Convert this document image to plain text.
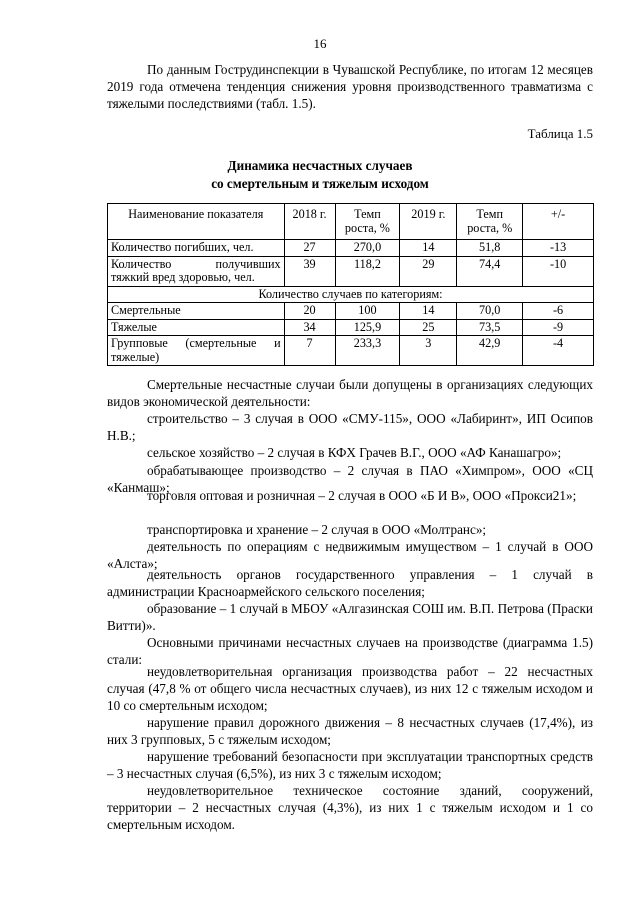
16
По данным Гострудинспекции в Чувашской Республике, по итогам 12 месяцев 2019 года отмечена тенденция снижения уровня производственного травматизма с тяжелыми последствиями (табл. 1.5).
Таблица 1.5
Динамика несчастных случаев
со смертельным и тяжелым исходом
Наименование показателя	2018 г.	Темп роста, %	2019 г.	Темп роста, %	+/-
Количество погибших, чел.	27	270,0	14	51,8	-13
Количество получивших тяжкий вред здоровью, чел.	39	118,2	29	74,4	-10
Количество случаев по категориям:					
Смертельные	20	100	14	70,0	-6
Тяжелые	34	125,9	25	73,5	-9
Групповые (смертельные и тяжелые)	7	233,3	3	42,9	-4
Смертельные несчастные случаи были допущены в организациях следующих видов экономической деятельности:
строительство – 3 случая в ООО «СМУ-115», ООО «Лабиринт», ИП Осипов Н.В.;
сельское хозяйство – 2 случая в КФХ Грачев В.Г., ООО «АФ Канашагро»;
обрабатывающее производство – 2 случая в ПАО «Химпром», ООО «СЦ «Канмаш»;
торговля оптовая и розничная – 2 случая в ООО «Б И В», ООО «Прокси21»;
транспортировка и хранение – 2 случая в ООО «Молтранс»;
деятельность по операциям с недвижимым имуществом – 1 случай в ООО «Алста»;
деятельность органов государственного управления – 1 случай в администрации Красноармейского сельского поселения;
образование – 1 случай в МБОУ «Алгазинская СОШ им. В.П. Петрова (Праски Витти)».
Основными причинами несчастных случаев на производстве (диаграмма 1.5) стали:
неудовлетворительная организация производства работ – 22 несчастных случая (47,8 % от общего числа несчастных случаев), из них 12 с тяжелым исходом и 10 со смертельным исходом;
нарушение правил дорожного движения – 8 несчастных случаев (17,4%), из них 3 групповых, 5 с тяжелым исходом;
нарушение требований безопасности при эксплуатации транспортных средств – 3 несчастных случая (6,5%), из них 3 с тяжелым исходом;
неудовлетворительное техническое состояние зданий, сооружений, территории – 2 несчастных случая (4,3%), из них 1 с тяжелым исходом и 1 со смертельным исходом.
